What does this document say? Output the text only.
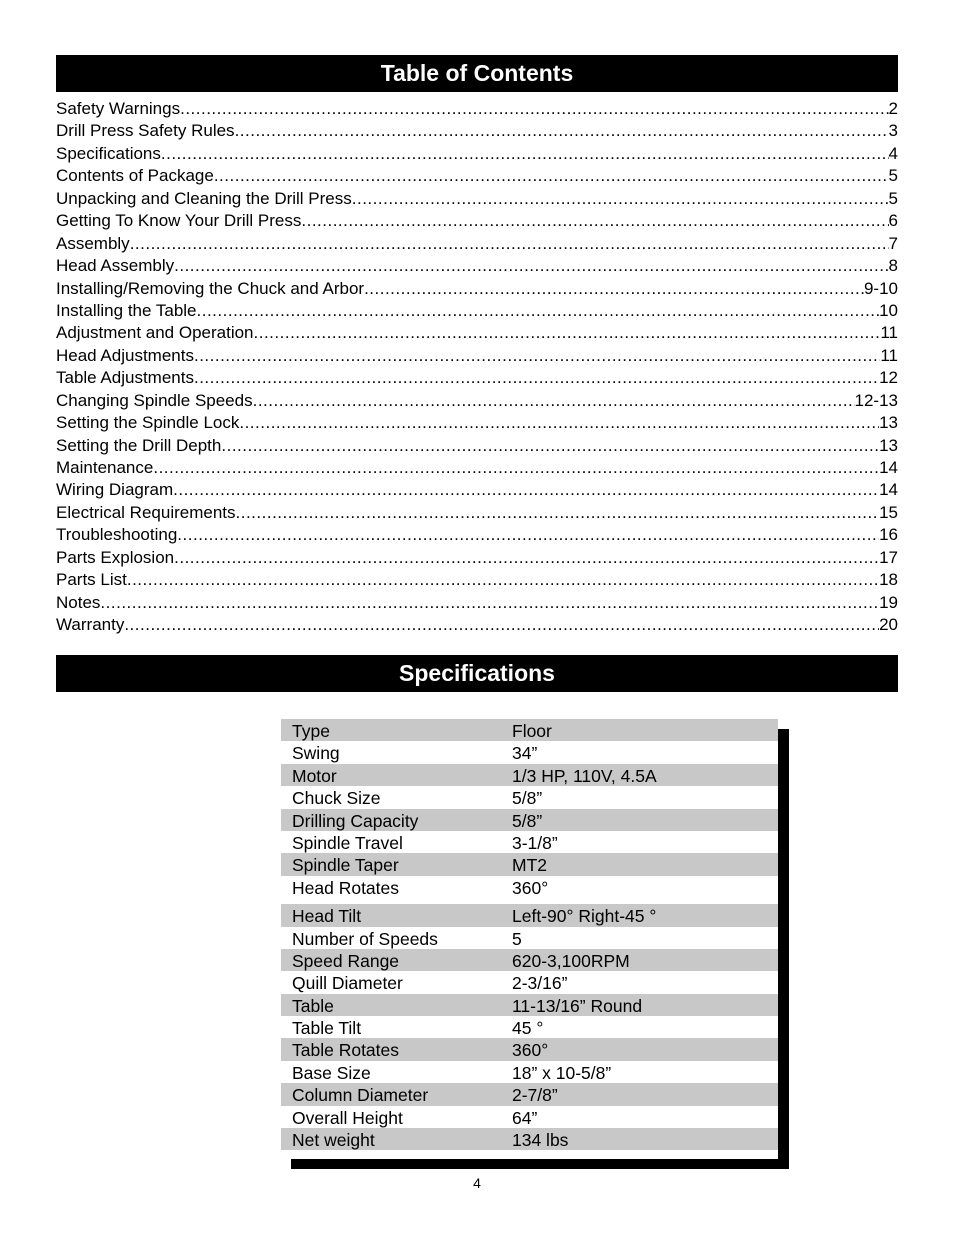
Table of Contents
Safety Warnings .....	2
Drill Press Safety Rules .....	3
Specifications .....	4
Contents of Package .....	5
Unpacking and Cleaning the Drill Press .....	5
Getting To Know Your Drill Press .....	6
Assembly .....	7
Head Assembly .....	8
Installing/Removing the Chuck and Arbor .....	9-10
Installing the Table .....	10
Adjustment and Operation .....	11
Head Adjustments .....	11
Table Adjustments .....	12
Changing Spindle Speeds .....	12-13
Setting the Spindle Lock .....	13
Setting the Drill Depth .....	13
Maintenance .....	14
Wiring Diagram .....	14
Electrical Requirements .....	15
Troubleshooting .....	16
Parts Explosion .....	17
Parts List .....	18
Notes .....	19
Warranty .....	20
Specifications
Type	Floor
Swing	34”
Motor	1/3 HP, 110V, 4.5A
Chuck Size	5/8”
Drilling Capacity	5/8”
Spindle Travel	3-1/8”
Spindle Taper	MT2
Head Rotates	360°
Head Tilt	Left-90° Right-45 °
Number of Speeds	5
Speed Range	620-3,100RPM
Quill Diameter	2-3/16”
Table	11-13/16” Round
Table Tilt	45 °
Table Rotates	360°
Base Size	18” x 10-5/8”
Column Diameter	2-7/8”
Overall Height	64”
Net weight	134 lbs
4
